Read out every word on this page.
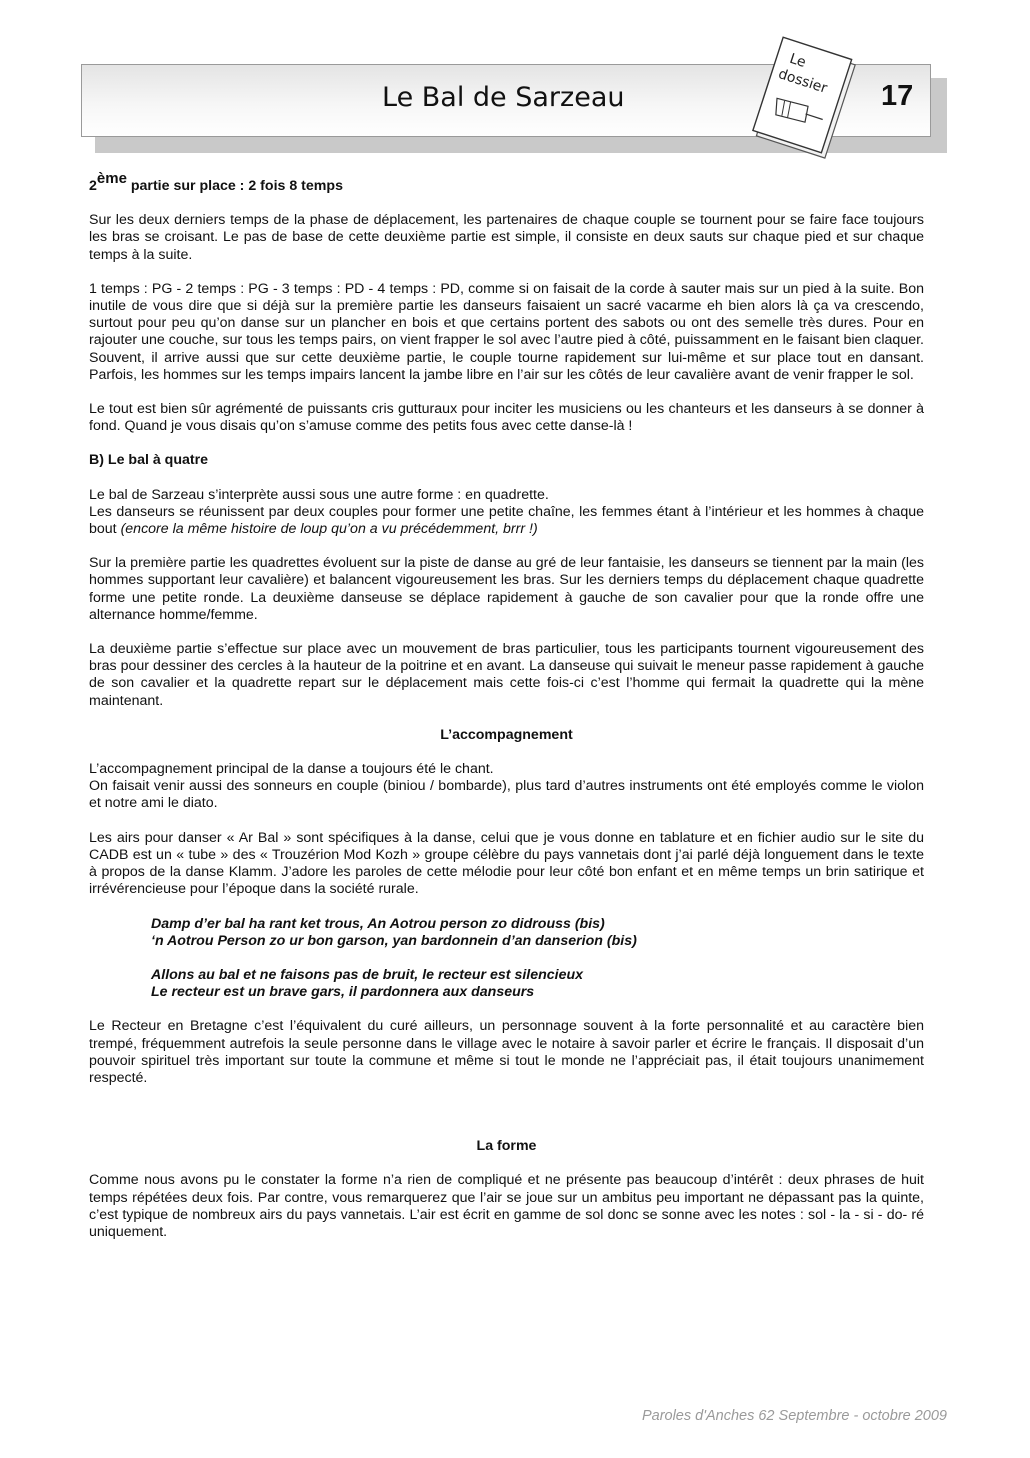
Le Bal de Sarzeau
Le
dossier 17

2ème partie sur place : 2 fois 8 temps

Sur les deux derniers temps de la phase de déplacement, les partenaires de chaque couple se tournent pour se faire face toujours les bras se croisant. Le pas de base de cette deuxième partie est simple, il consiste en deux sauts sur chaque pied et sur chaque temps à la suite.

1 temps : PG - 2 temps : PG - 3 temps : PD - 4 temps : PD, comme si on faisait de la corde à sauter mais sur un pied à la suite. Bon inutile de vous dire que si déjà sur la première partie les danseurs faisaient un sacré vacarme eh bien alors là ça va crescendo, surtout pour peu qu’on danse sur un plancher en bois et que certains portent des sabots ou ont des semelle très dures. Pour en rajouter une couche, sur tous les temps pairs, on vient frapper le sol avec l’autre pied à côté, puissamment en le faisant bien claquer. Souvent, il arrive aussi que sur cette deuxième partie, le couple tourne rapidement sur lui-même et sur place tout en dansant. Parfois, les hommes sur les temps impairs lancent la jambe libre en l’air sur les côtés de leur cavalière avant de venir frapper le sol.

Le tout est bien sûr agrémenté de puissants cris gutturaux pour inciter les musiciens ou les chanteurs et les danseurs à se donner à fond. Quand je vous disais qu’on s’amuse comme des petits fous avec cette danse-là !

B) Le bal à quatre

Le bal de Sarzeau s’interprète aussi sous une autre forme : en quadrette.

Les danseurs se réunissent par deux couples pour former une petite chaîne, les femmes étant à l’intérieur et les hommes à chaque bout (encore la même histoire de loup qu’on a vu précédemment, brrr !)

Sur la première partie les quadrettes évoluent sur la piste de danse au gré de leur fantaisie, les danseurs se tiennent par la main (les hommes supportant leur cavalière) et balancent vigoureusement les bras. Sur les derniers temps du déplacement chaque quadrette forme une petite ronde. La deuxième danseuse se déplace rapidement à gauche de son cavalier pour que la ronde offre une alternance homme/femme.

La deuxième partie s’effectue sur place avec un mouvement de bras particulier, tous les participants tournent vigoureusement des bras pour dessiner des cercles à la hauteur de la poitrine et en avant. La danseuse qui suivait le meneur passe rapidement à gauche de son cavalier et la quadrette repart sur le déplacement mais cette fois-ci c’est l’homme qui fermait la quadrette qui la mène maintenant.

L’accompagnement

L’accompagnement principal de la danse a toujours été le chant.

On faisait venir aussi des sonneurs en couple (biniou / bombarde), plus tard d’autres instruments ont été employés comme le violon et notre ami le diato.

Les airs pour danser « Ar Bal » sont spécifiques à la danse, celui que je vous donne en tablature et en fichier audio sur le site du CADB est un « tube » des « Trouzérion Mod Kozh » groupe célèbre du pays vannetais dont j’ai parlé déjà longuement dans le texte à propos de la danse Klamm. J’adore les paroles de cette mélodie pour leur côté bon enfant et en même temps un brin satirique et irrévérencieuse pour l’époque dans la société rurale.

Damp d’er bal ha rant ket trous, An Aotrou person zo didrouss (bis)

‘n Aotrou Person zo ur bon garson, yan bardonnein d’an danserion (bis)

Allons au bal et ne faisons pas de bruit, le recteur est silencieux

Le recteur est un brave gars, il pardonnera aux danseurs

Le Recteur en Bretagne c’est l’équivalent du curé ailleurs, un personnage souvent à la forte personnalité et au caractère bien trempé, fréquemment autrefois la seule personne dans le village avec le notaire à savoir parler et écrire le français. Il disposait d’un pouvoir spirituel très important sur toute la commune et même si tout le monde ne l’appréciait pas, il était toujours unanimement respecté.

La forme

Comme nous avons pu le constater la forme n’a rien de compliqué et ne présente pas beaucoup d’intérêt : deux phrases de huit temps répétées deux fois. Par contre, vous remarquerez que l’air se joue sur un ambitus peu important ne dépassant pas la quinte, c’est typique de nombreux airs du pays vannetais. L’air est écrit en gamme de sol donc se sonne avec les notes : sol - la - si - do- ré uniquement.

Paroles d'Anches 62 Septembre - octobre 2009
